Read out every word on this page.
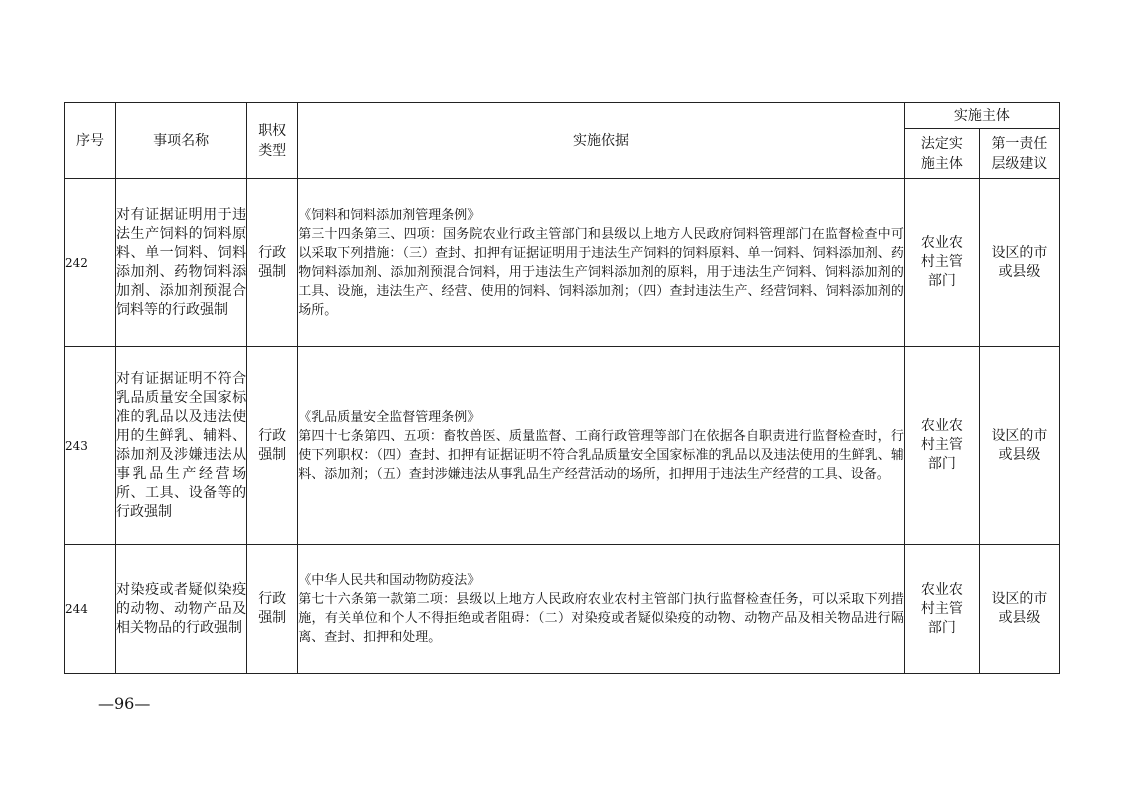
序号	事项名称	职权类型	实施依据	实施主体	

				法定实施主体	第一责任层级建议

242	对有证据证明用于违法生产饲料的饲料原料、单一饲料、饲料添加剂、药物饲料添加剂、添加剂预混合饲料等的行政强制	行政强制	《饲料和饲料添加剂管理条例》
第三十四条第三、四项：国务院农业行政主管部门和县级以上地方人民政府饲料管理部门在监督检查中可以采取下列措施：（三）查封、扣押有证据证明用于违法生产饲料的饲料原料、单一饲料、饲料添加剂、药物饲料添加剂、添加剂预混合饲料，用于违法生产饲料添加剂的原料，用于违法生产饲料、饲料添加剂的工具、设施，违法生产、经营、使用的饲料、饲料添加剂；（四）查封违法生产、经营饲料、饲料添加剂的场所。	农业农村主管部门	设区的市或县级

243	对有证据证明不符合乳品质量安全国家标准的乳品以及违法使用的生鲜乳、辅料、添加剂及涉嫌违法从事乳品生产经营场所、工具、设备等的行政强制	行政强制	《乳品质量安全监督管理条例》
第四十七条第四、五项：畜牧兽医、质量监督、工商行政管理等部门在依据各自职责进行监督检查时，行使下列职权：（四）查封、扣押有证据证明不符合乳品质量安全国家标准的乳品以及违法使用的生鲜乳、辅料、添加剂；（五）查封涉嫌违法从事乳品生产经营活动的场所，扣押用于违法生产经营的工具、设备。	农业农村主管部门	设区的市或县级

244	对染疫或者疑似染疫的动物、动物产品及相关物品的行政强制	行政强制	《中华人民共和国动物防疫法》
第七十六条第一款第二项：县级以上地方人民政府农业农村主管部门执行监督检查任务，可以采取下列措施，有关单位和个人不得拒绝或者阻碍：（二）对染疫或者疑似染疫的动物、动物产品及相关物品进行隔离、查封、扣押和处理。	农业农村主管部门	设区的市或县级
—96—
